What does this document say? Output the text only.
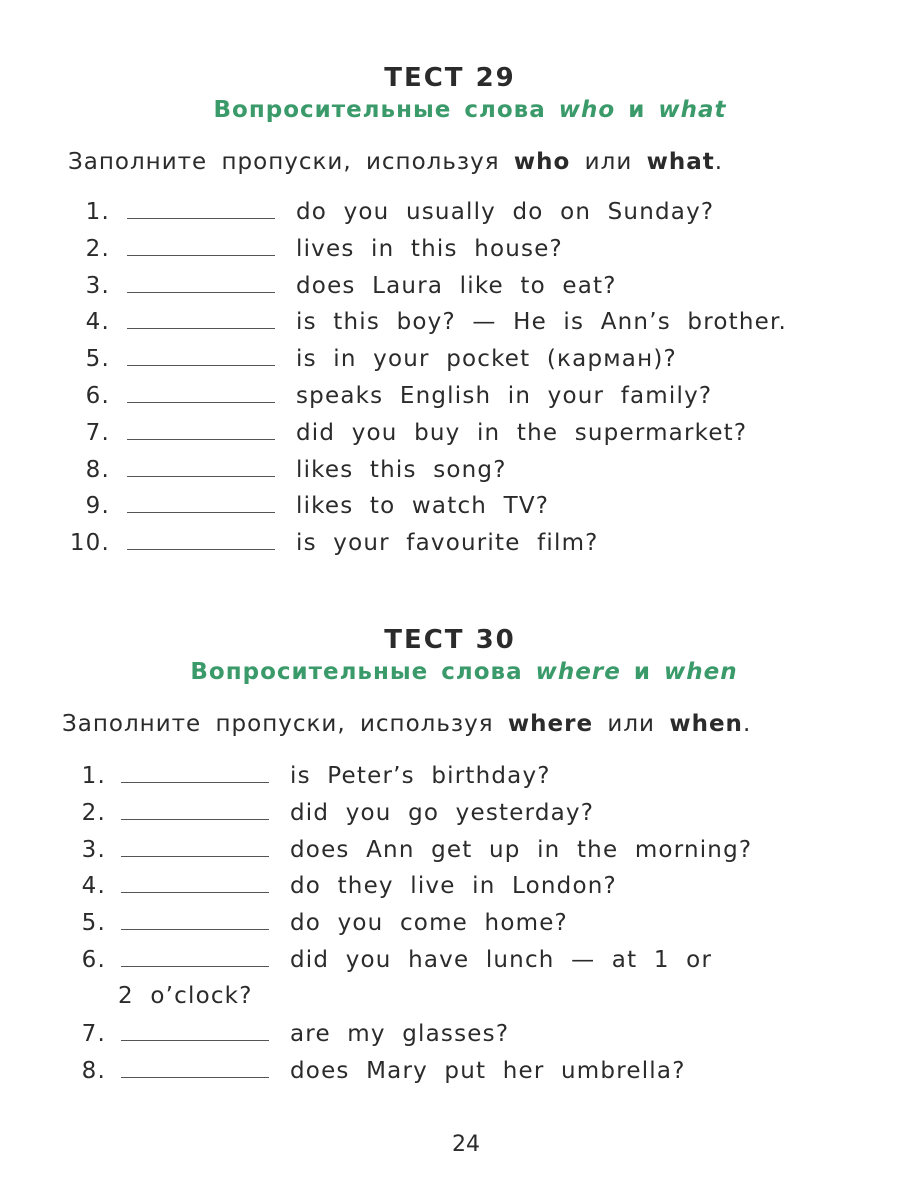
ТЕСТ 29

Вопросительные слова who и what

Заполните пропуски, используя who или what.

1.	do you usually do on Sunday?
2.	lives in this house?
3.	does Laura like to eat?
4.	is this boy? — He is Ann’s brother.
5.	is in your pocket (карман)?
6.	speaks English in your family?
7.	did you buy in the supermarket?
8.	likes this song?
9.	likes to watch TV?
10.	is your favourite film?
ТЕСТ 30

Вопросительные слова where и when

Заполните пропуски, используя where или when.

1.	is Peter’s birthday?
2.	did you go yesterday?
3.	does Ann get up in the morning?
4.	do they live in London?
5.	do you come home?
6.	did you have lunch — at 1 or
2 o’clock?
7.	are my glasses?
8.	does Mary put her umbrella?
24
